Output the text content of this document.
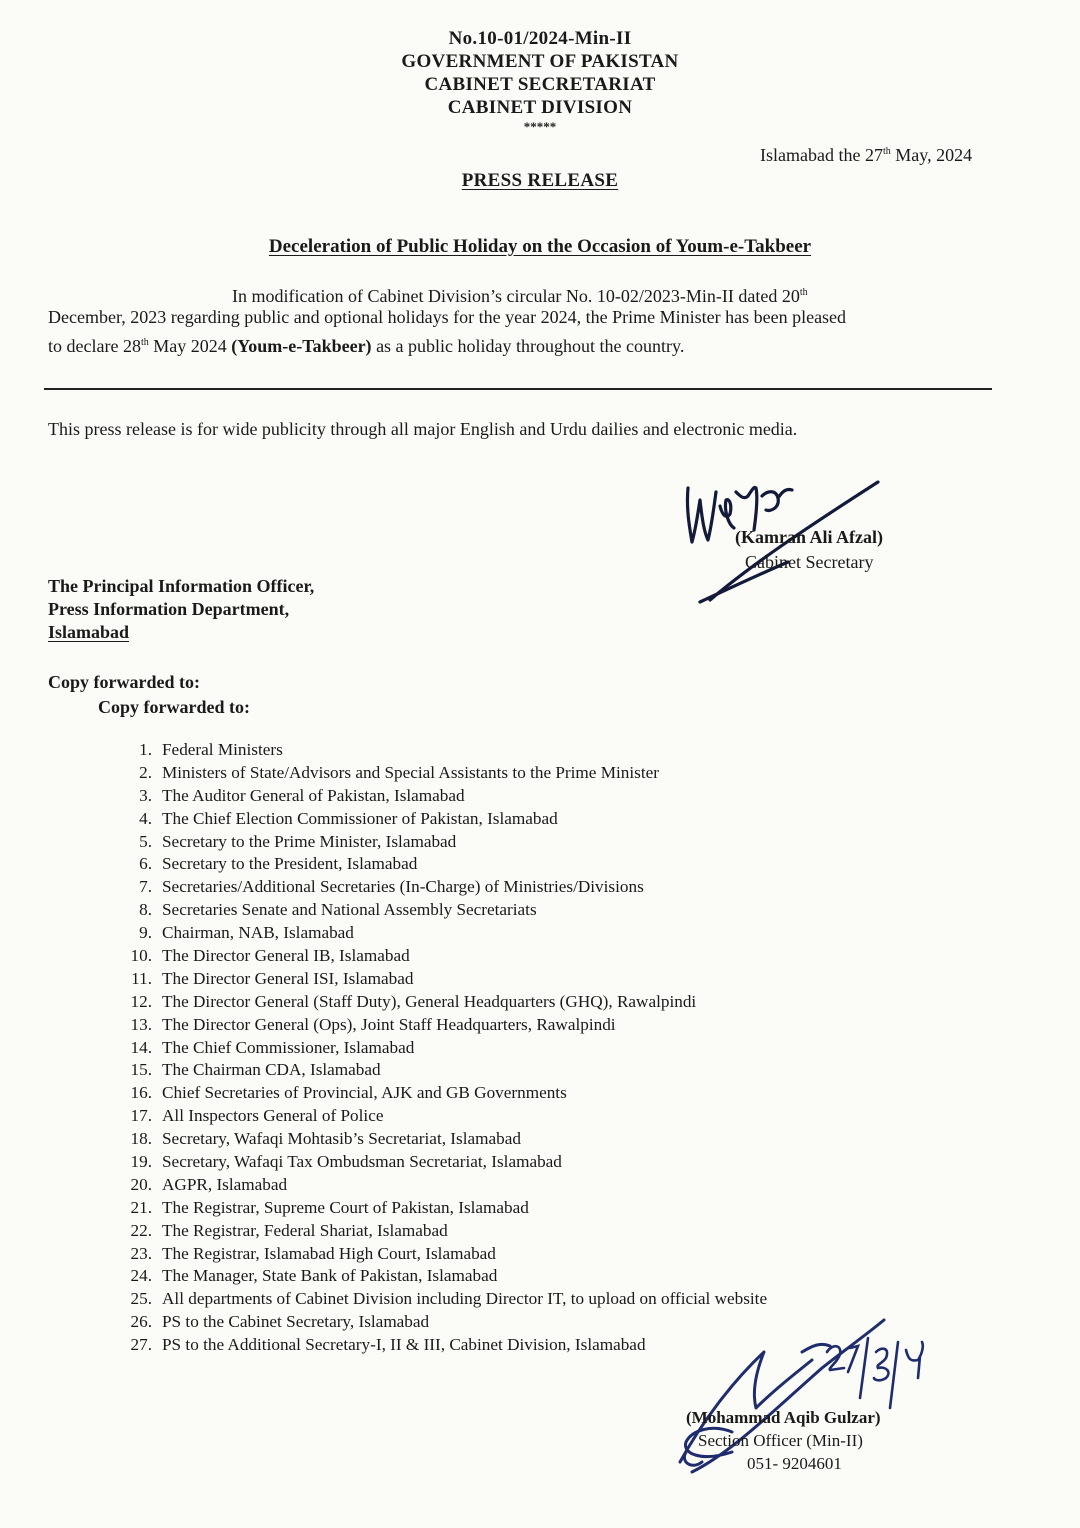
No.10-01/2024-Min-II
GOVERNMENT OF PAKISTAN
CABINET SECRETARIAT
CABINET DIVISION
*****
Islamabad the 27th May, 2024
PRESS RELEASE
Deceleration of Public Holiday on the Occasion of Youm-e-Takbeer
In modification of Cabinet Division’s circular No. 10-02/2023-Min-II dated 20th
December, 2023 regarding public and optional holidays for the year 2024, the Prime Minister has been pleased
to declare 28th May 2024 (Youm-e-Takbeer) as a public holiday throughout the country.
This press release is for wide publicity through all major English and Urdu dailies and electronic media.
(Kamran Ali Afzal)
Cabinet Secretary
The Principal Information Officer,
Press Information Department,
Islamabad
Copy forwarded to:
Copy forwarded to:
1. Federal Ministers
2. Ministers of State/Advisors and Special Assistants to the Prime Minister
3. The Auditor General of Pakistan, Islamabad
4. The Chief Election Commissioner of Pakistan, Islamabad
5. Secretary to the Prime Minister, Islamabad
6. Secretary to the President, Islamabad
7. Secretaries/Additional Secretaries (In-Charge) of Ministries/Divisions
8. Secretaries Senate and National Assembly Secretariats
9. Chairman, NAB, Islamabad
10. The Director General IB, Islamabad
11. The Director General ISI, Islamabad
12. The Director General (Staff Duty), General Headquarters (GHQ), Rawalpindi
13. The Director General (Ops), Joint Staff Headquarters, Rawalpindi
14. The Chief Commissioner, Islamabad
15. The Chairman CDA, Islamabad
16. Chief Secretaries of Provincial, AJK and GB Governments
17. All Inspectors General of Police
18. Secretary, Wafaqi Mohtasib’s Secretariat, Islamabad
19. Secretary, Wafaqi Tax Ombudsman Secretariat, Islamabad
20. AGPR, Islamabad
21. The Registrar, Supreme Court of Pakistan, Islamabad
22. The Registrar, Federal Shariat, Islamabad
23. The Registrar, Islamabad High Court, Islamabad
24. The Manager, State Bank of Pakistan, Islamabad
25. All departments of Cabinet Division including Director IT, to upload on official website
26. PS to the Cabinet Secretary, Islamabad
27. PS to the Additional Secretary-I, II & III, Cabinet Division, Islamabad
(Mohammad Aqib Gulzar)
Section Officer (Min-II)
051- 9204601
